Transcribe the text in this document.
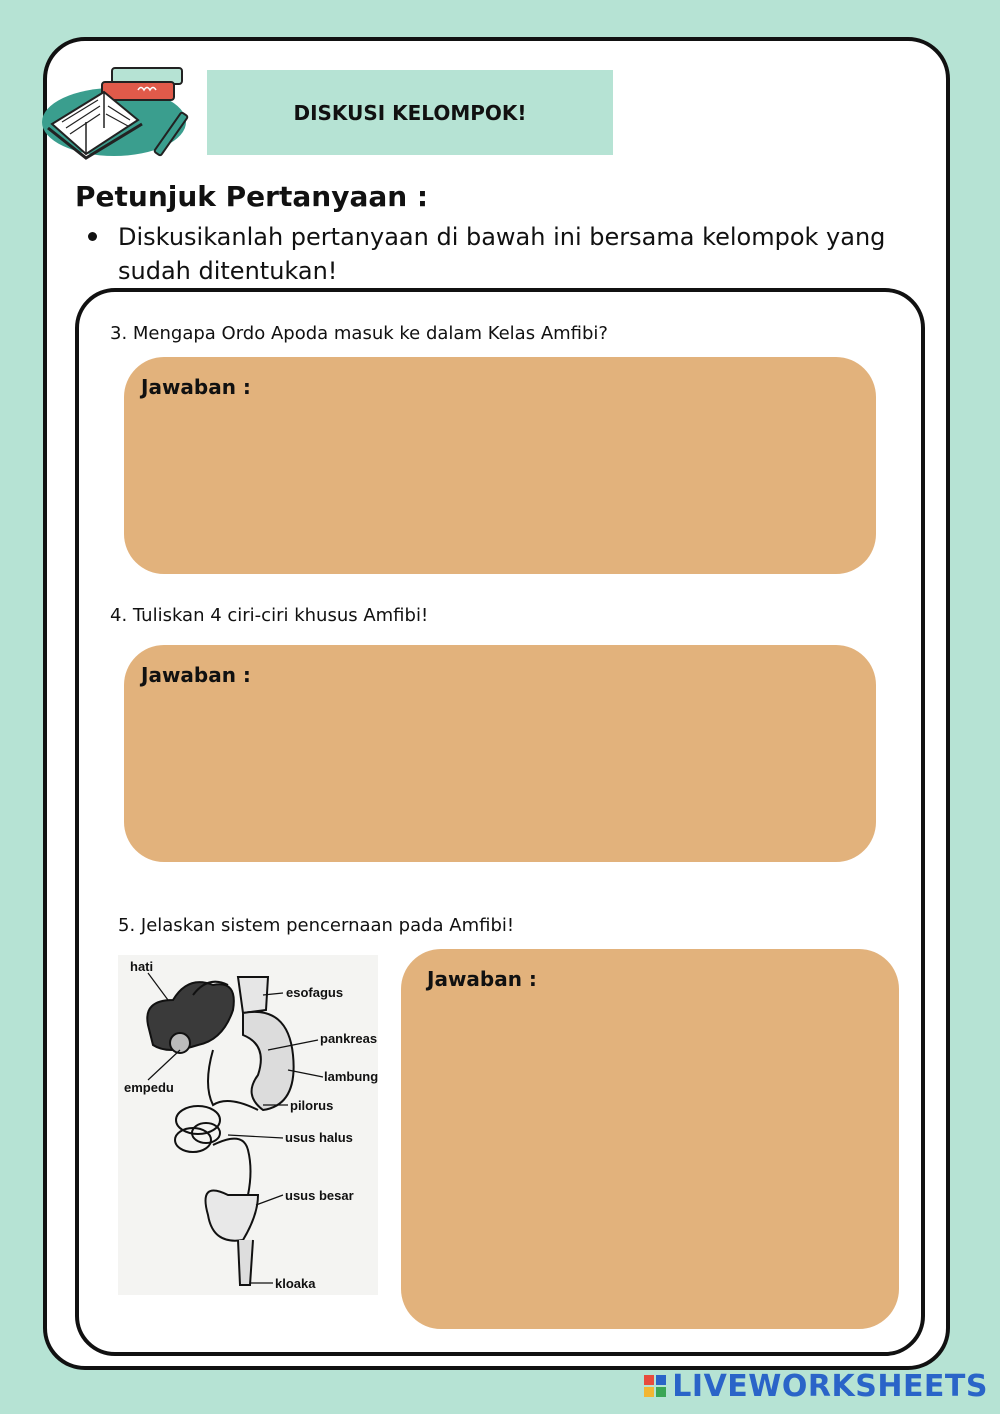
DISKUSI KELOMPOK!
Petunjuk Pertanyaan :
Diskusikanlah pertanyaan di bawah ini bersama kelompok yang sudah ditentukan!
3. Mengapa Ordo Apoda masuk ke dalam Kelas Amfibi?
Jawaban :
4. Tuliskan 4 ciri-ciri khusus Amfibi!
Jawaban :
5. Jelaskan sistem pencernaan pada Amfibi!
Jawaban :
hati
esofagus
pankreas
lambung
empedu
pilorus
usus halus
usus besar
kloaka
LIVEWORKSHEETS
